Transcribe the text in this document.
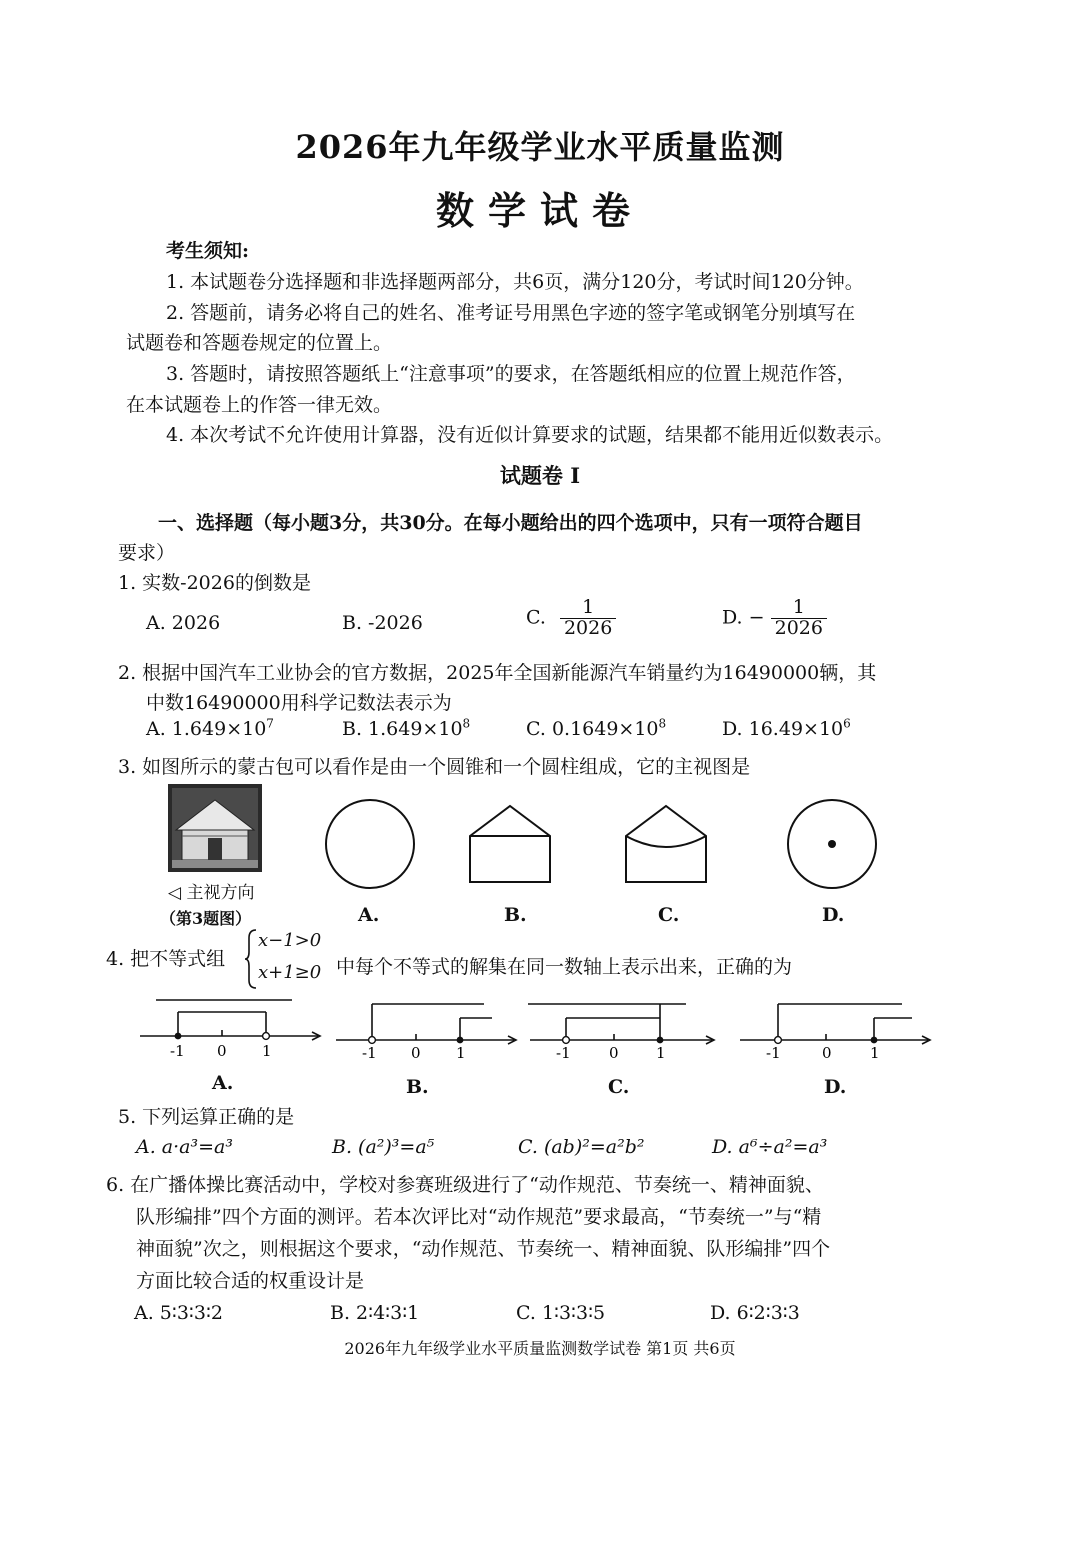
2026年九年级学业水平质量监测
数学试卷
考生须知:
1. 本试题卷分选择题和非选择题两部分，共6页，满分120分，考试时间120分钟。
2. 答题前，请务必将自己的姓名、准考证号用黑色字迹的签字笔或钢笔分别填写在
试题卷和答题卷规定的位置上。
3. 答题时，请按照答题纸上“注意事项”的要求，在答题纸相应的位置上规范作答，
在本试题卷上的作答一律无效。
4. 本次考试不允许使用计算器，没有近似计算要求的试题，结果都不能用近似数表示。
试题卷 I
一、选择题（每小题3分，共30分。在每小题给出的四个选项中，只有一项符合题目
要求）
1. 实数-2026的倒数是
A. 2026	B. -2026	C. $\frac{1}{2026}$	D. − $\frac{1}{2026}$
2. 根据中国汽车工业协会的官方数据，2025年全国新能源汽车销量约为16490000辆，其
中数16490000用科学记数法表示为
A. $1.649\times 10^7$	B. $1.649\times 10^8$	C. $0.1649\times 10^8$	D. $16.49\times 10^6$
3. 如图所示的蒙古包可以看作是由一个圆锥和一个圆柱组成，它的主视图是
◁ 主视方向
（第3题图）	A.	B.	C.	D.
4. 把不等式组
x−1>0
x+1≥0 中每个不等式的解集在同一数轴上表示出来，正确的为
-1 0 1	-1 0 1	-1	0 1	-1	0	1
A.	B.	C.	D.
5. 下列运算正确的是
A. a·a³=a³	B. (a²)³=a⁵	C. (ab)²=a²b²	D. a⁶÷a²=a³
6. 在广播体操比赛活动中，学校对参赛班级进行了“动作规范、节奏统一、精神面貌、
队形编排”四个方面的测评。若本次评比对“动作规范”要求最高，“节奏统一”与“精
神面貌”次之，则根据这个要求，“动作规范、节奏统一、精神面貌、队形编排”四个
方面比较合适的权重设计是
A. 5∶3∶3∶2	B. 2∶4∶3∶1	C. 1∶3∶3∶5	D. 6∶2∶3∶3
2026年九年级学业水平质量监测数学试卷 第1页 共6页
